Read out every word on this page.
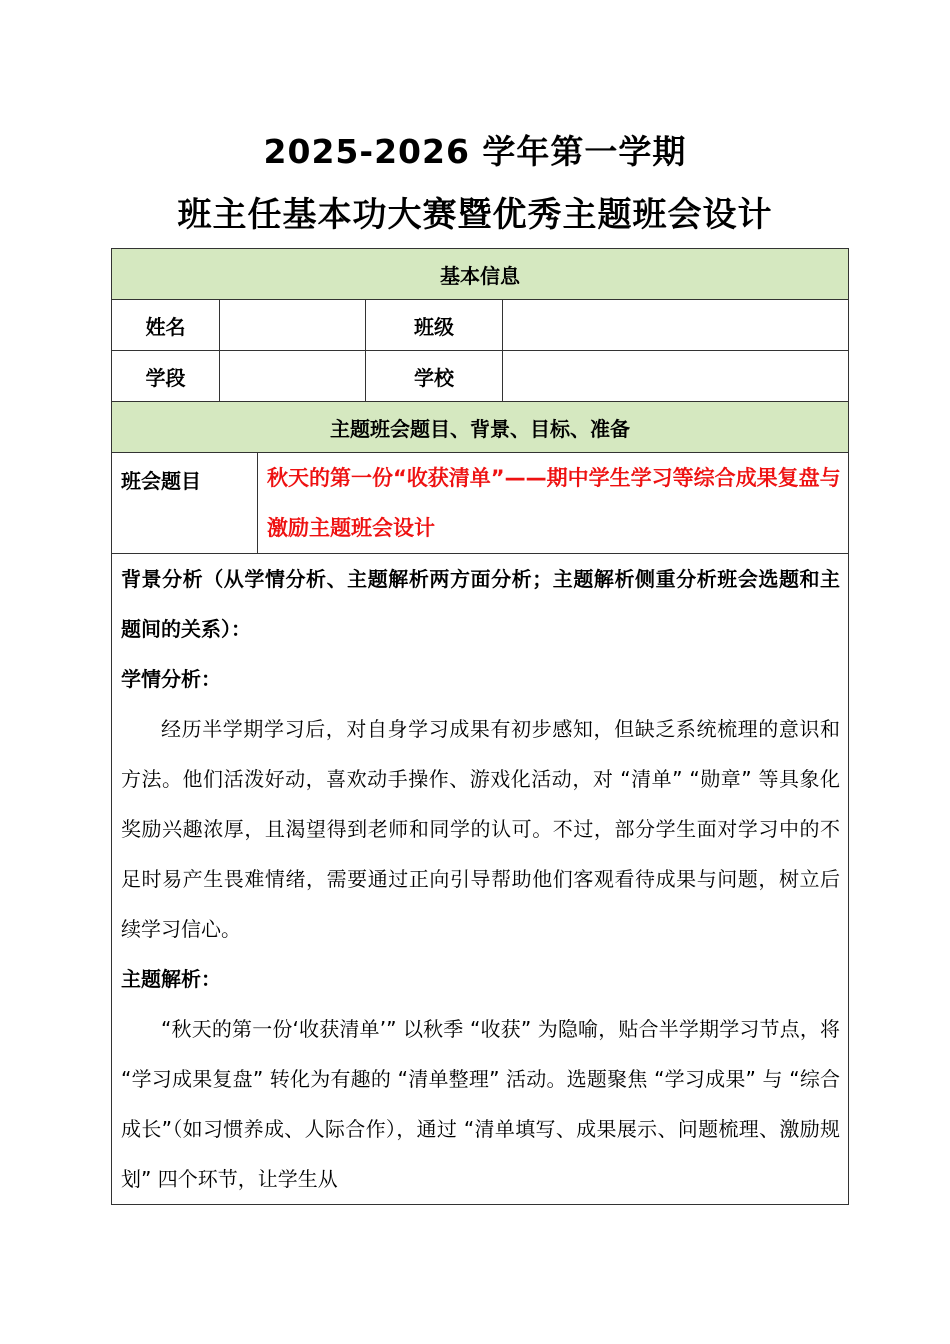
2025-2026 学年第一学期
班主任基本功大赛暨优秀主题班会设计
基本信息				
姓名			班级	
学段			学校	
主题班会题目、背景、目标、准备				
班会题目		秋天的第一份“收获清单”——期中学生学习等综合成果复盘与激励主题班会设计		

背景分析（从学情分析、主题解析两方面分析；主题解析侧重分析班会选题和主题间的关系）：

学情分析：

经历半学期学习后，对自身学习成果有初步感知，但缺乏系统梳理的意识和方法。他们活泼好动，喜欢动手操作、游戏化活动，对 “清单” “勋章” 等具象化奖励兴趣浓厚，且渴望得到老师和同学的认可。不过，部分学生面对学习中的不足时易产生畏难情绪，需要通过正向引导帮助他们客观看待成果与问题，树立后续学习信心。

主题解析：

“秋天的第一份‘收获清单’” 以秋季 “收获” 为隐喻，贴合半学期学习节点，将 “学习成果复盘” 转化为有趣的 “清单整理” 活动。选题聚焦 “学习成果” 与 “综合成长”（如习惯养成、人际合作），通过 “清单填写、成果展示、问题梳理、激励规划” 四个环节，让学生从				
